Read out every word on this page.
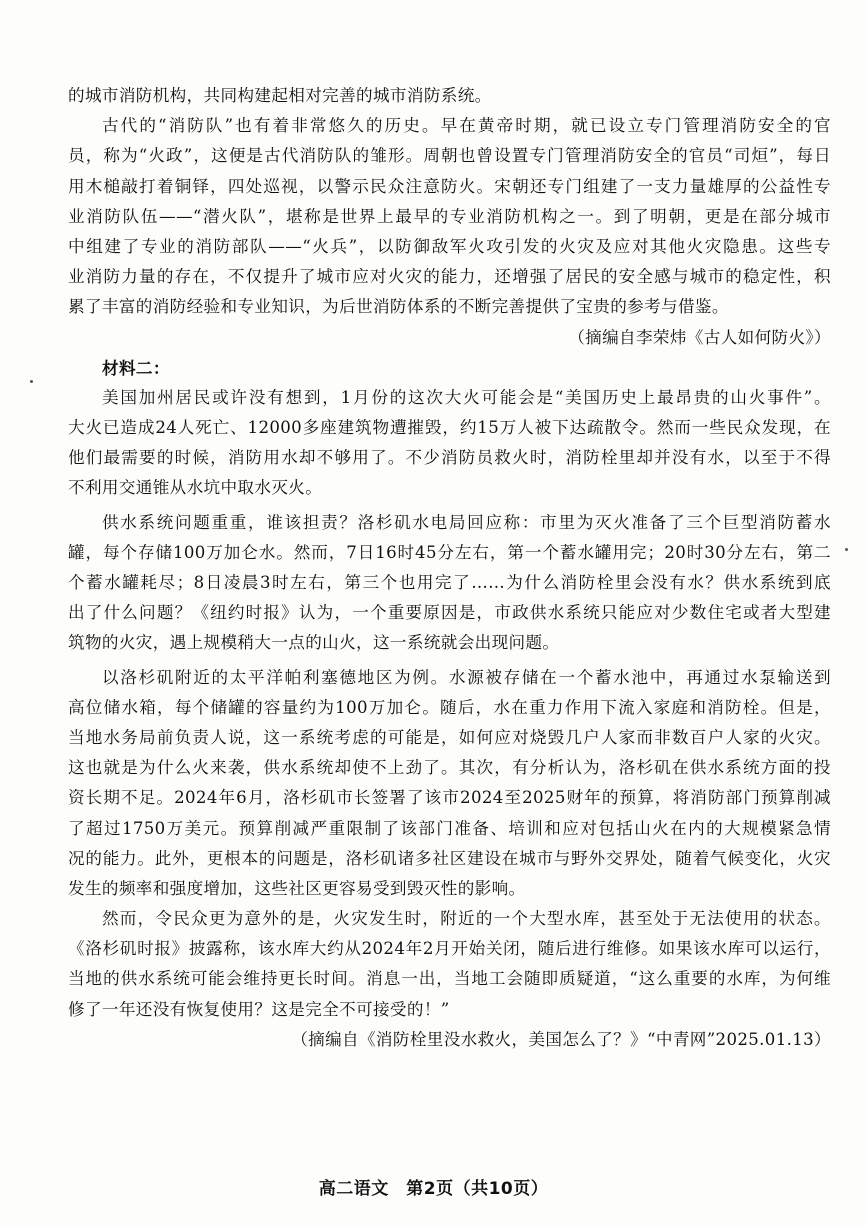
的城市消防机构，共同构建起相对完善的城市消防系统。
古代的“消防队”也有着非常悠久的历史。早在黄帝时期，就已设立专门管理消防安全的官
员，称为“火政”，这便是古代消防队的雏形。周朝也曾设置专门管理消防安全的官员“司烜”，每日
用木槌敲打着铜铎，四处巡视，以警示民众注意防火。宋朝还专门组建了一支力量雄厚的公益性专
业消防队伍——“潜火队”，堪称是世界上最早的专业消防机构之一。到了明朝，更是在部分城市
中组建了专业的消防部队——“火兵”，以防御敌军火攻引发的火灾及应对其他火灾隐患。这些专
业消防力量的存在，不仅提升了城市应对火灾的能力，还增强了居民的安全感与城市的稳定性，积
累了丰富的消防经验和专业知识，为后世消防体系的不断完善提供了宝贵的参考与借鉴。
（摘编自李荣炜《古人如何防火》）
材料二：
美国加州居民或许没有想到，1月份的这次大火可能会是“美国历史上最昂贵的山火事件”。
大火已造成24人死亡、12000多座建筑物遭摧毁，约15万人被下达疏散令。然而一些民众发现，在
他们最需要的时候，消防用水却不够用了。不少消防员救火时，消防栓里却并没有水，以至于不得
不利用交通锥从水坑中取水灭火。
供水系统问题重重，谁该担责？洛杉矶水电局回应称：市里为灭火准备了三个巨型消防蓄水
罐，每个存储100万加仑水。然而，7日16时45分左右，第一个蓄水罐用完；20时30分左右，第二
个蓄水罐耗尽；8日凌晨3时左右，第三个也用完了……为什么消防栓里会没有水？供水系统到底
出了什么问题？《纽约时报》认为，一个重要原因是，市政供水系统只能应对少数住宅或者大型建
筑物的火灾，遇上规模稍大一点的山火，这一系统就会出现问题。
以洛杉矶附近的太平洋帕利塞德地区为例。水源被存储在一个蓄水池中，再通过水泵输送到
高位储水箱，每个储罐的容量约为100万加仑。随后，水在重力作用下流入家庭和消防栓。但是，
当地水务局前负责人说，这一系统考虑的可能是，如何应对烧毁几户人家而非数百户人家的火灾。
这也就是为什么火来袭，供水系统却使不上劲了。其次，有分析认为，洛杉矶在供水系统方面的投
资长期不足。2024年6月，洛杉矶市长签署了该市2024至2025财年的预算，将消防部门预算削减
了超过1750万美元。预算削减严重限制了该部门准备、培训和应对包括山火在内的大规模紧急情
况的能力。此外，更根本的问题是，洛杉矶诸多社区建设在城市与野外交界处，随着气候变化，火灾
发生的频率和强度增加，这些社区更容易受到毁灭性的影响。
然而，令民众更为意外的是，火灾发生时，附近的一个大型水库，甚至处于无法使用的状态。
《洛杉矶时报》披露称，该水库大约从2024年2月开始关闭，随后进行维修。如果该水库可以运行，
当地的供水系统可能会维持更长时间。消息一出，当地工会随即质疑道，“这么重要的水库，为何维
修了一年还没有恢复使用？这是完全不可接受的！”
（摘编自《消防栓里没水救火，美国怎么了？》“中青网”2025.01.13）
高二语文　第2页（共10页）
